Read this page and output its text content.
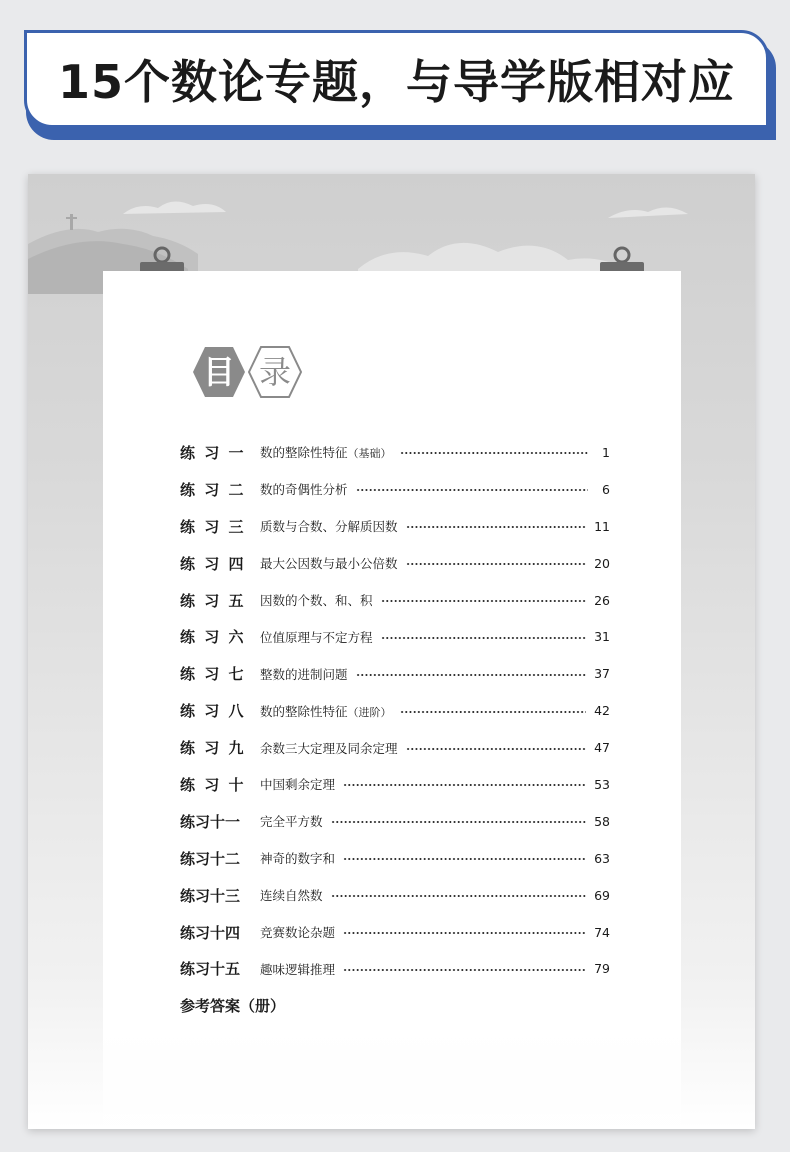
15个数论专题，与导学版相对应
目 录
练 习 一	数的整除性特征（基础）	1
练 习 二	数的奇偶性分析	6
练 习 三	质数与合数、分解质因数	11
练 习 四	最大公因数与最小公倍数	20
练 习 五	因数的个数、和、积	26
练 习 六	位值原理与不定方程	31
练 习 七	整数的进制问题	37
练 习 八	数的整除性特征（进阶）	42
练 习 九	余数三大定理及同余定理	47
练 习 十	中国剩余定理	53
练习十一	完全平方数	58
练习十二	神奇的数字和	63
练习十三	连续自然数	69
练习十四	竞赛数论杂题	74
练习十五	趣味逻辑推理	79
参考答案（册）
